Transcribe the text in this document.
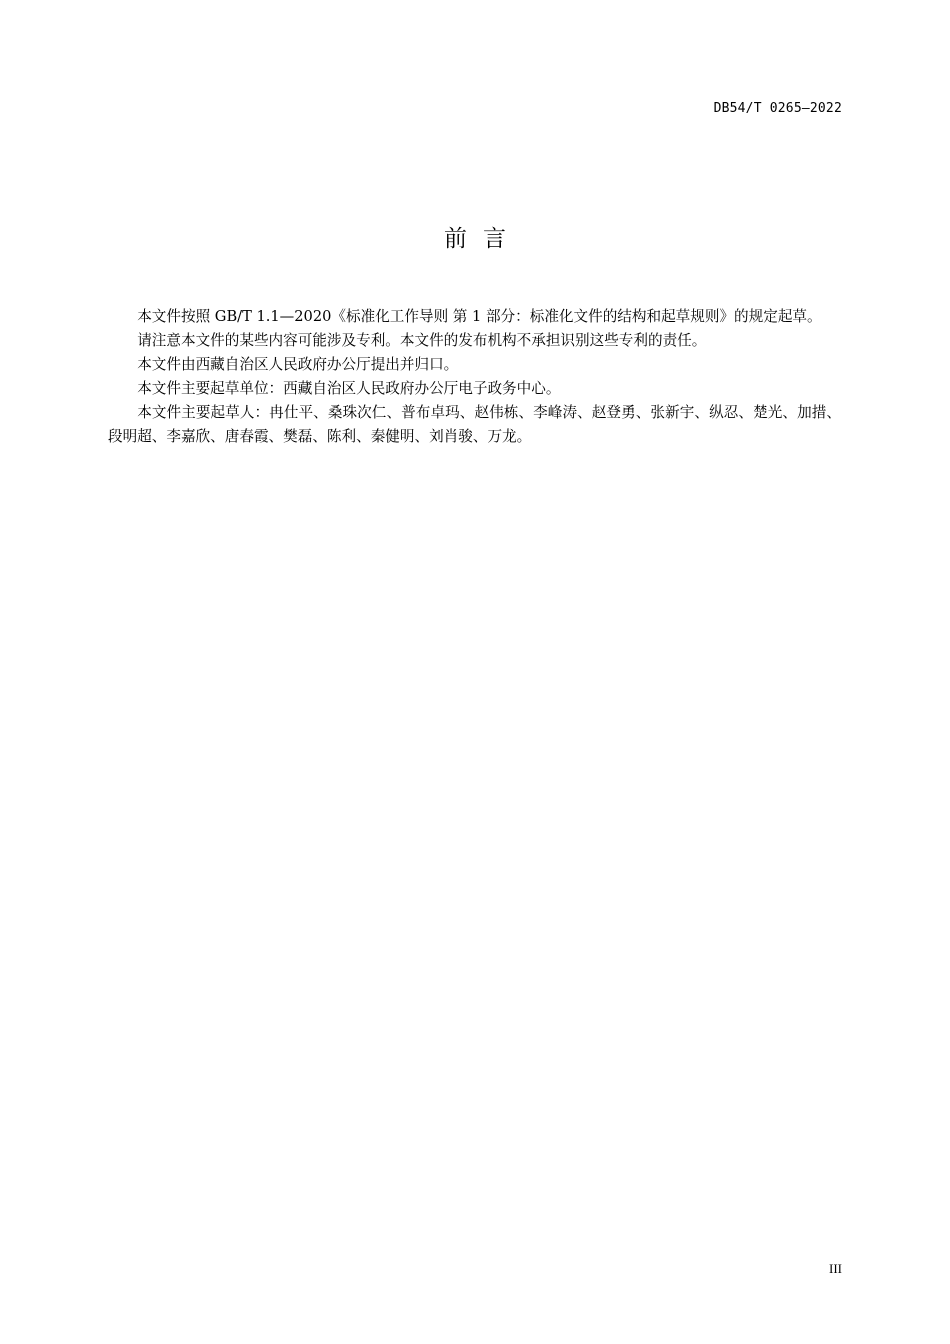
DB54/T 0265—2022
前言

本文件按照 GB/T 1.1—2020《标准化工作导则 第 1 部分：标准化文件的结构和起草规则》的规定起草。

请注意本文件的某些内容可能涉及专利。本文件的发布机构不承担识别这些专利的责任。

本文件由西藏自治区人民政府办公厅提出并归口。

本文件主要起草单位：西藏自治区人民政府办公厅电子政务中心。

本文件主要起草人：冉仕平、桑珠次仁、普布卓玛、赵伟栋、李峰涛、赵登勇、张新宇、纵忍、楚光、加措、段明超、李嘉欣、唐春霞、樊磊、陈利、秦健明、刘肖骏、万龙。

III
